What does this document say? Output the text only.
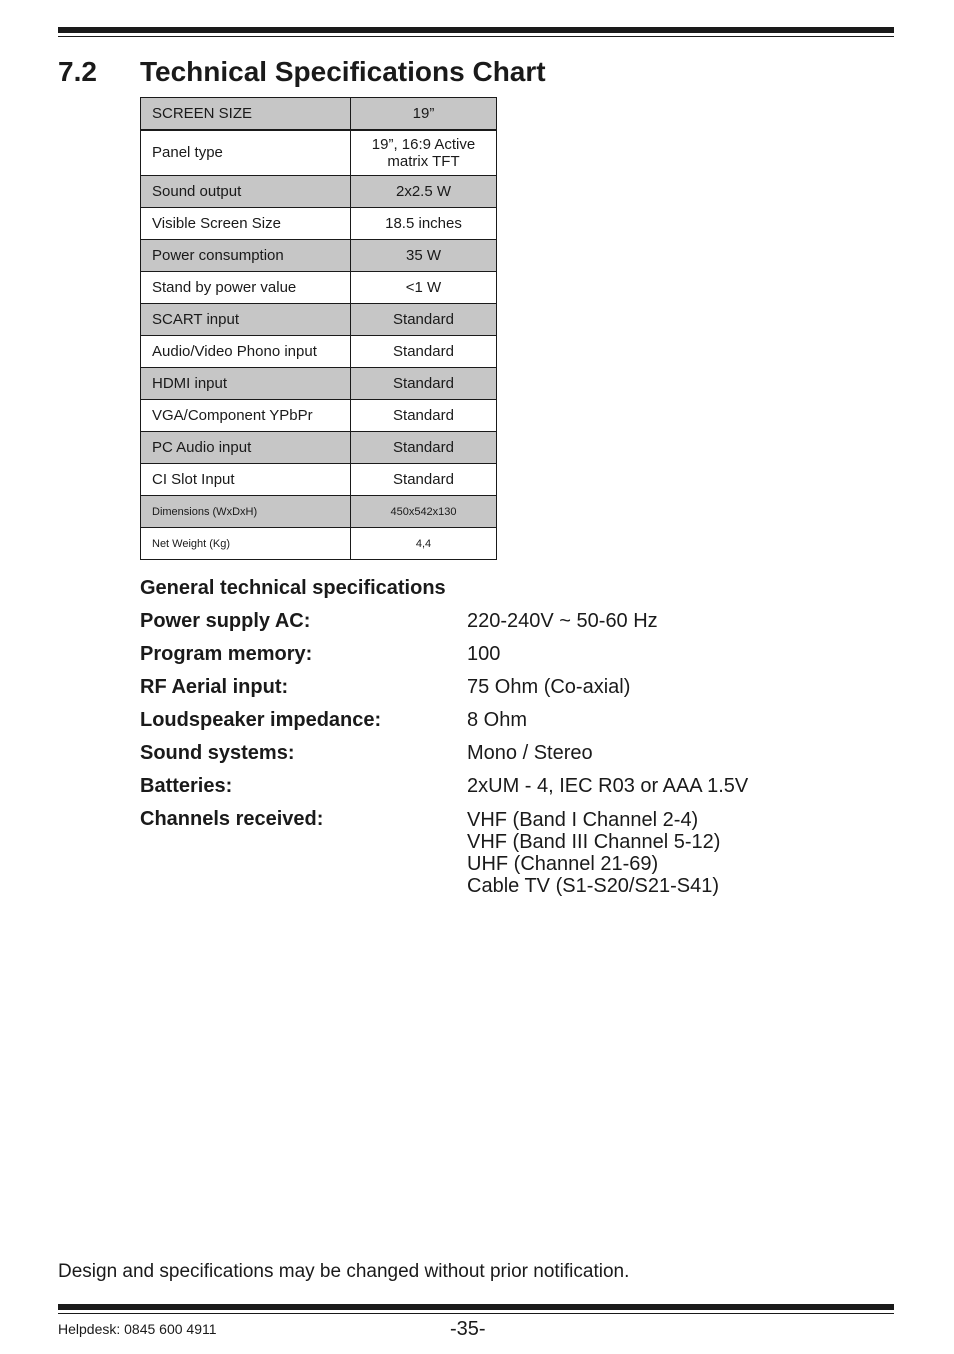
7.2 Technical Specifications Chart
SCREEN SIZE	19”
Panel type	19”, 16:9 Active matrix TFT
Sound output	2x2.5 W
Visible Screen Size	18.5 inches
Power consumption	35 W
Stand by power value	<1 W
SCART input	Standard
Audio/Video Phono input	Standard
HDMI input	Standard
VGA/Component YPbPr	Standard
PC Audio input	Standard
CI Slot Input	Standard
Dimensions (WxDxH)	450x542x130
Net Weight (Kg)	4,4
General technical specifications
Power supply AC:	220-240V ~ 50-60 Hz
Program memory:	100
RF Aerial input:	75 Ohm (Co-axial)
Loudspeaker impedance:	8 Ohm
Sound systems:	Mono / Stereo
Batteries:	2xUM - 4, IEC R03 or AAA 1.5V
Channels received:	VHF (Band I Channel 2-4)
VHF (Band III Channel 5-12)
UHF (Channel 21-69)
Cable TV (S1-S20/S21-S41)
Design and specifications may be changed without prior notification.
Helpdesk: 0845 600 4911	-35-
